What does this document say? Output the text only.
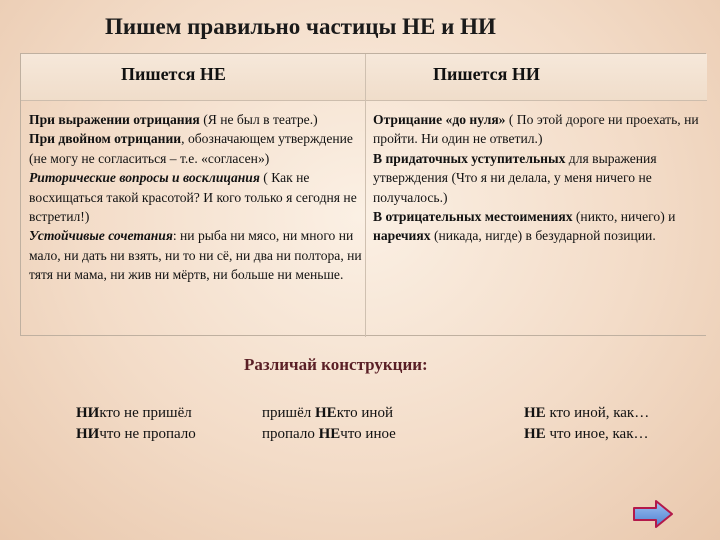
Пишем правильно частицы НЕ и НИ
Пишется НЕ	Пишется НИ

При выражении отрицания (Я не был в театре.)

При двойном отрицании, обозначающем утверждение (не могу не согласиться – т.е. «согласен»)

Риторические вопросы и восклицания ( Как не восхищаться такой красотой? И кого только я сегодня не встретил!)

Устойчивые сочетания: ни рыба ни мясо, ни много ни мало, ни дать ни взять, ни то ни сё, ни два ни полтора, ни тятя ни мама, ни жив ни мёртв, ни больше ни меньше.

Отрицание «до нуля» ( По этой дороге ни проехать, ни пройти. Ни один не ответил.)

В придаточных уступительных для выражения утверждения (Что я ни делала, у меня ничего не получалось.)

В отрицательных местоимениях (никто, ничего) и наречиях (никада, нигде) в безударной позиции.

Различай конструкции:
НИкто не пришёл
НИчто не пропало
пришёл НЕкто иной
пропало НЕчто иное
НЕ кто иной, как…
НЕ что иное, как…
